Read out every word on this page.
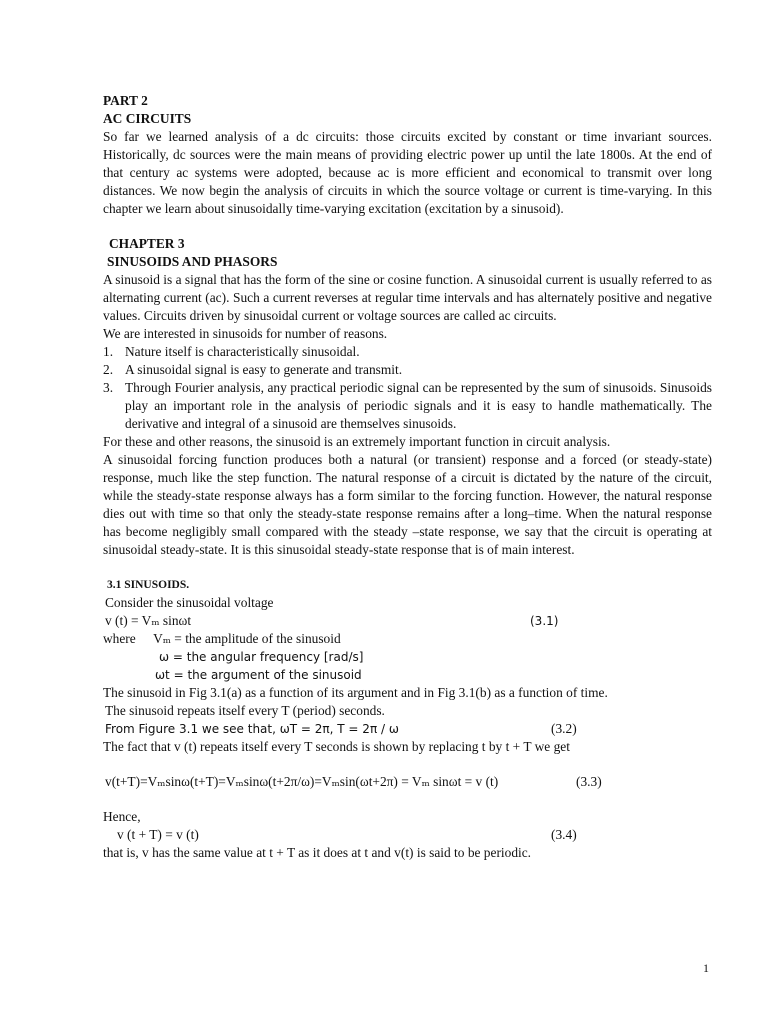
PART 2
AC CIRCUITS

So far we learned analysis of a dc circuits: those circuits excited by constant or time invariant sources. Historically, dc sources were the main means of providing electric power up until the late 1800s. At the end of that century ac systems were adopted, because ac is more efficient and economical to transmit over long distances. We now begin the analysis of circuits in which the source voltage or current is time-varying. In this chapter we learn about sinusoidally time-varying excitation (excitation by a sinusoid).

CHAPTER 3
SINUSOIDS AND PHASORS

A sinusoid is a signal that has the form of the sine or cosine function. A sinusoidal current is usually referred to as alternating current (ac). Such a current reverses at regular time intervals and has alternately positive and negative values. Circuits driven by sinusoidal current or voltage sources are called ac circuits.

We are interested in sinusoids for number of reasons.

1. Nature itself is characteristically sinusoidal.
2. A sinusoidal signal is easy to generate and transmit.
3. Through Fourier analysis, any practical periodic signal can be represented by the sum of sinusoids. Sinusoids play an important role in the analysis of periodic signals and it is easy to handle mathematically. The derivative and integral of a sinusoid are themselves sinusoids.

For these and other reasons, the sinusoid is an extremely important function in circuit analysis.

A sinusoidal forcing function produces both a natural (or transient) response and a forced (or steady-state) response, much like the step function. The natural response of a circuit is dictated by the nature of the circuit, while the steady-state response always has a form similar to the forcing function. However, the natural response dies out with time so that only the steady-state response remains after a long–time. When the natural response has become negligibly small compared with the steady –state response, we say that the circuit is operating at sinusoidal steady-state. It is this sinusoidal steady-state response that is of main interest.

3.1 SINUSOIDS.
Consider the sinusoidal voltage
v (t) = Vₘ sinωt	(3.1)
where Vₘ = the amplitude of the sinusoid
ω = the angular frequency [rad/s]
ωt = the argument of the sinusoid

The sinusoid in Fig 3.1(a) as a function of its argument and in Fig 3.1(b) as a function of time.

The sinusoid repeats itself every T (period) seconds.
From Figure 3.1 we see that, ωT = 2π, T = 2π / ω	(3.2)

The fact that v (t) repeats itself every T seconds is shown by replacing t by t + T we get

v(t+T)=Vₘsinω(t+T)=Vₘsinω(t+2π/ω)=Vₘsin(ωt+2π) = Vₘ sinωt = v (t)	(3.3)
Hence,
v (t + T) = v (t)	(3.4)
that is, v has the same value at t + T as it does at t and v(t) is said to be periodic.
1
